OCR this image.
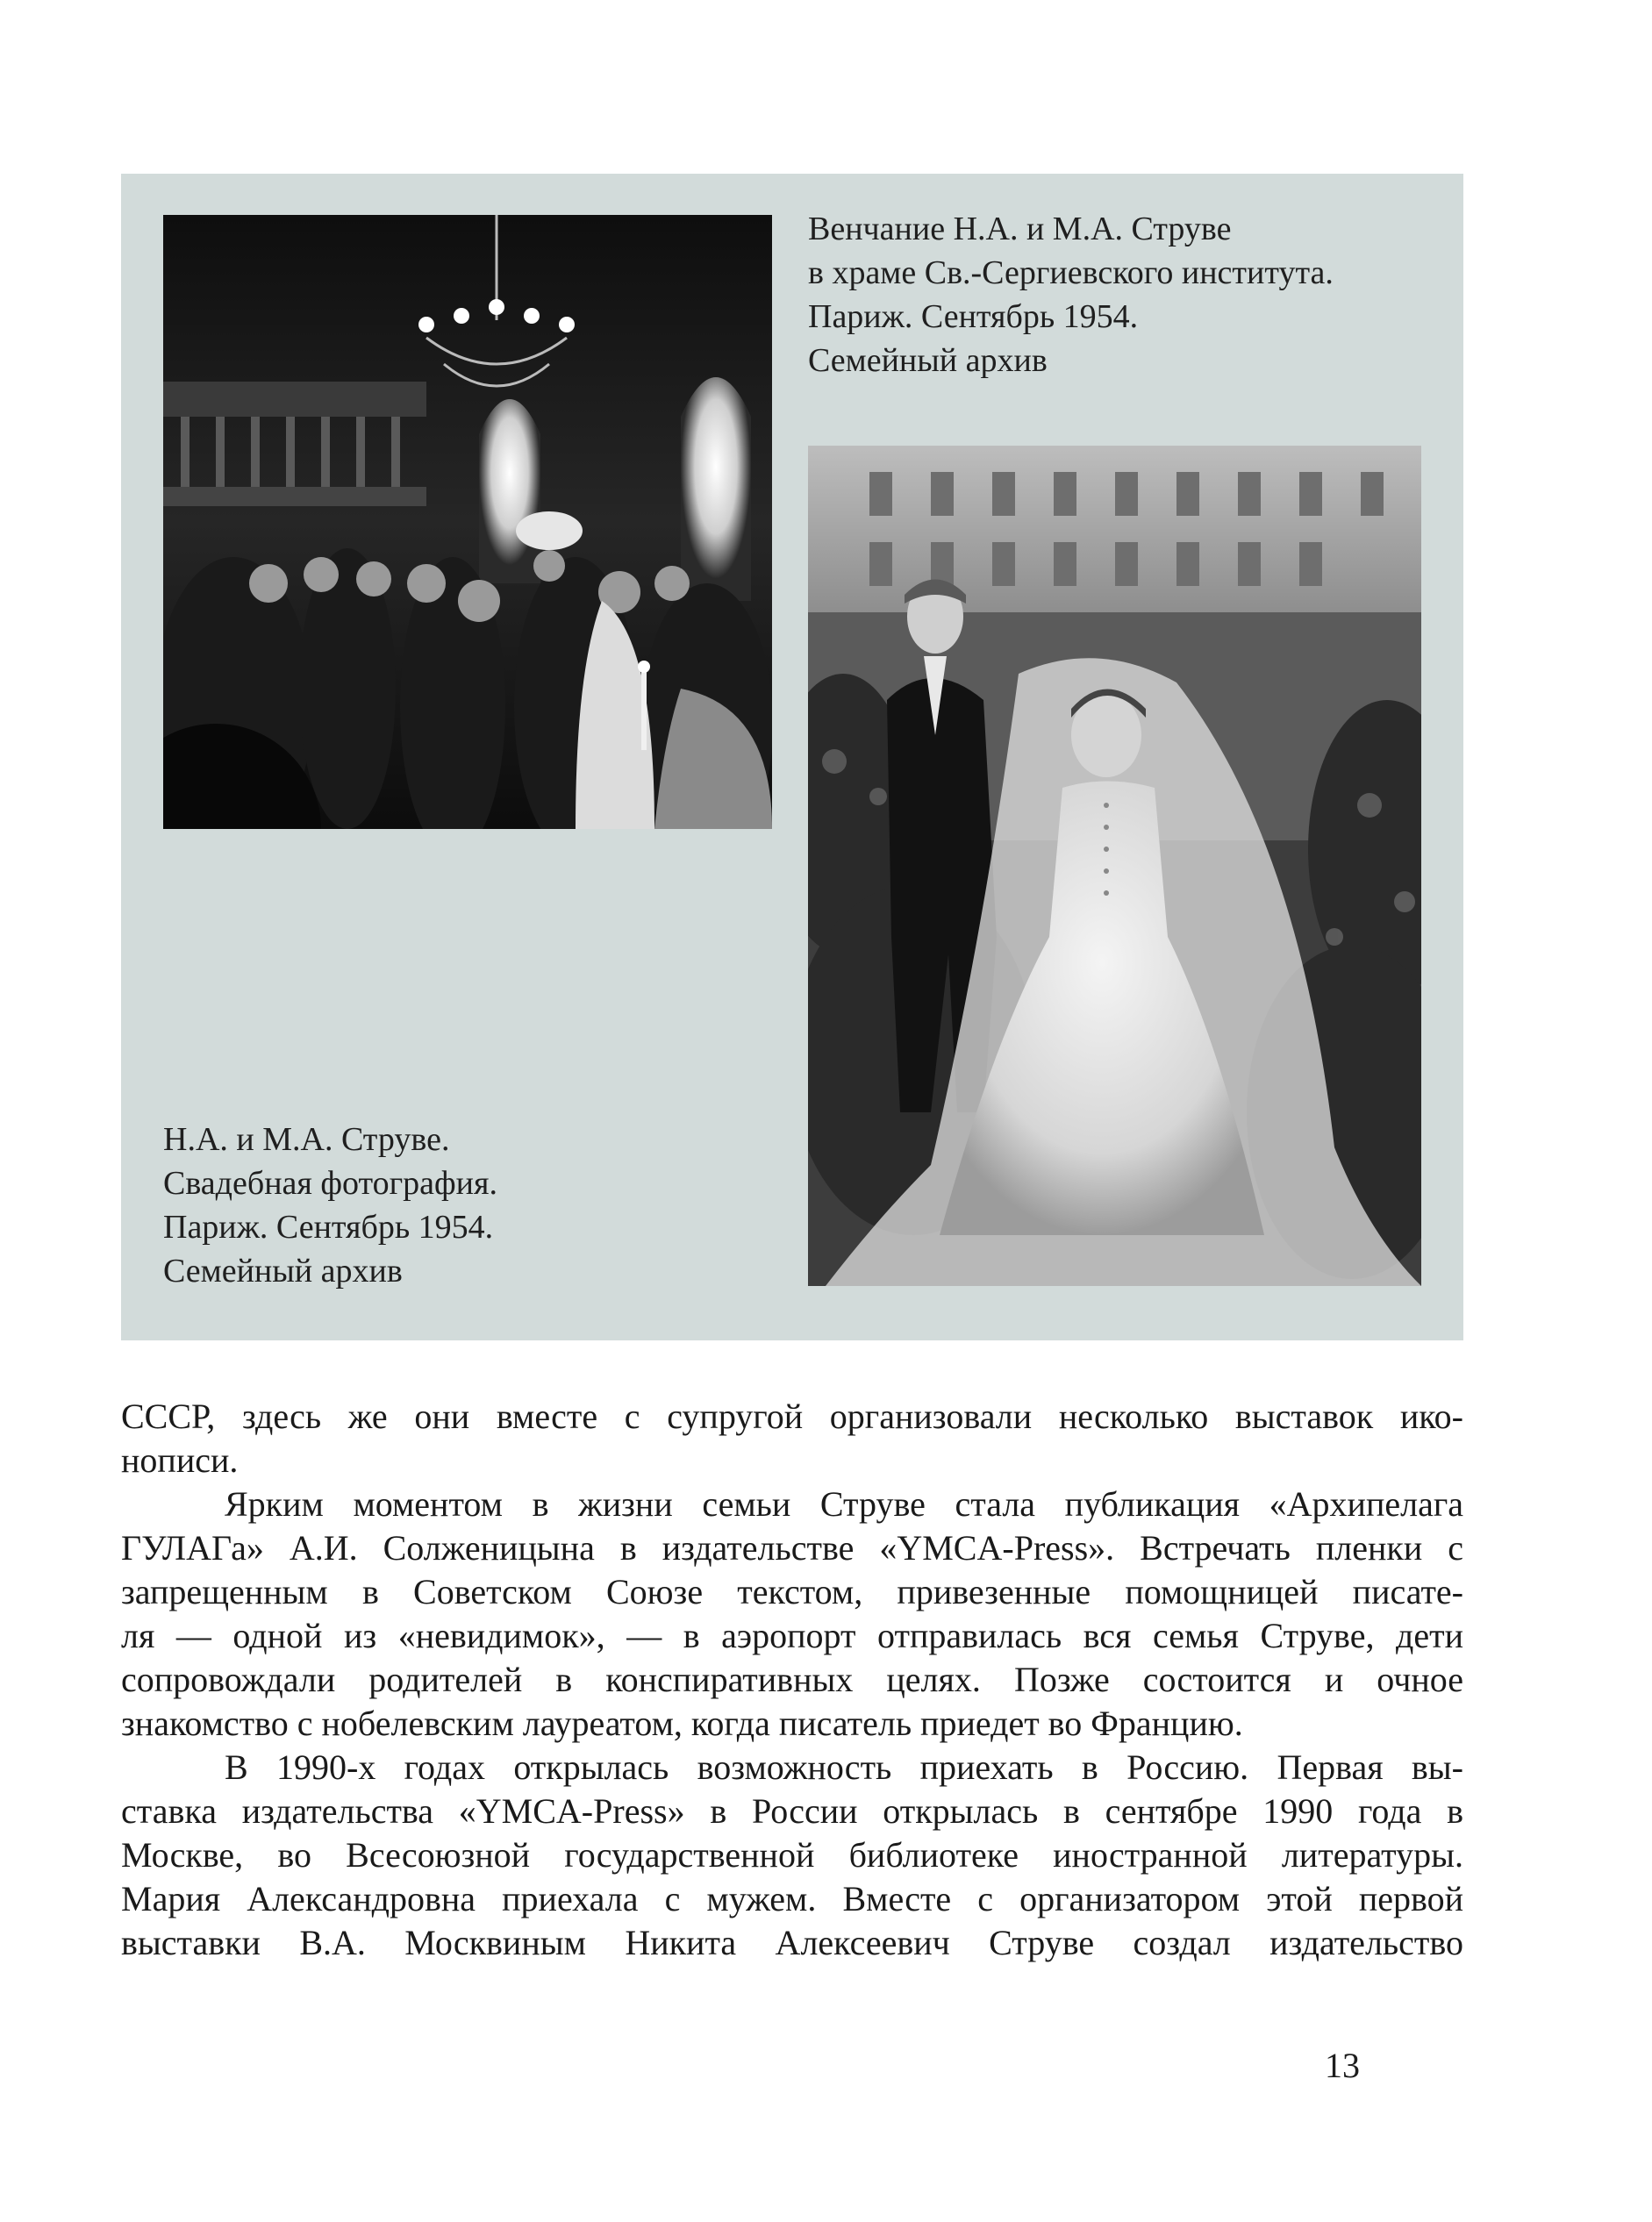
Венчание Н.А. и М.А. Струве
в храме Св.-Сергиевского института.
Париж. Сентябрь 1954.
Семейный архив
Н.А. и М.А. Струве.
Свадебная фотография.
Париж. Сентябрь 1954.
Семейный архив
СССР, здесь же они вместе с супругой организовали несколько выставок ико-
нописи.
Ярким моментом в жизни семьи Струве стала публикация «Архипелага
ГУЛАГа» А.И. Солженицына в издательстве «YMCA-Press». Встречать пленки с
запрещенным в Советском Союзе текстом, привезенные помощницей писате-
ля — одной из «невидимок», — в аэропорт отправилась вся семья Струве, дети
сопровождали родителей в конспиративных целях. Позже состоится и очное
знакомство с нобелевским лауреатом, когда писатель приедет во Францию.
В 1990-х годах открылась возможность приехать в Россию. Первая вы-
ставка издательства «YMCA-Press» в России открылась в сентябре 1990 года в
Москве, во Всесоюзной государственной библиотеке иностранной литературы.
Мария Александровна приехала с мужем. Вместе с организатором этой первой
выставки В.А. Москвиным Никита Алексеевич Струве создал издательство
13
